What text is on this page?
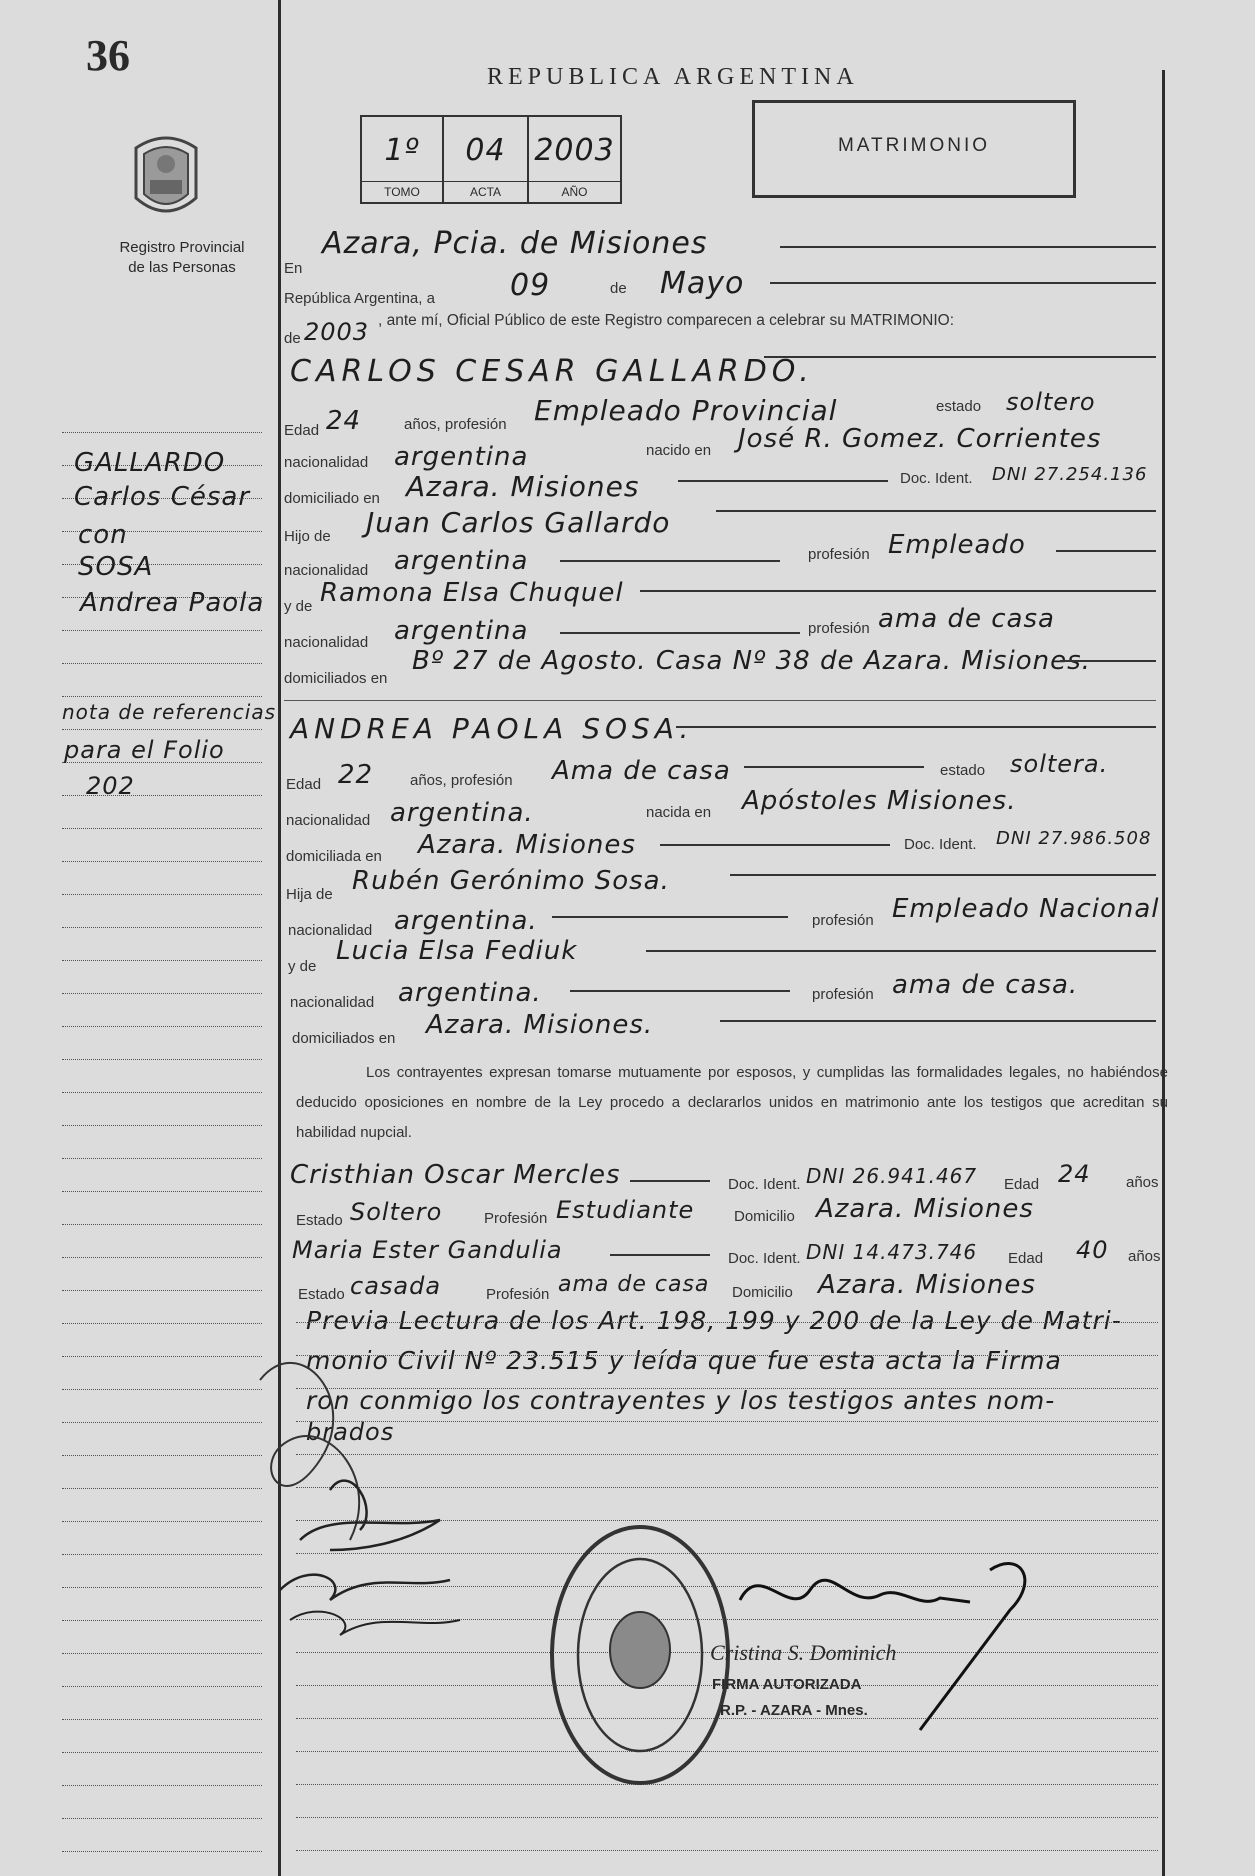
36	REPUBLICA ARGENTINA
Registro Provincial
de las Personas
1º
TOMO
04
ACTA
2003
AÑO
MATRIMONIO
GALLARDO
Carlos César
con
SOSA
Andrea Paola
nota de referencias
para el Folio
202
En
Azara, Pcia. de Misiones
República Argentina, a	09	de Mayo
de 2003 , ante mí, Oficial Público de este Registro comparecen a celebrar su MATRIMONIO:
CARLOS CESAR GALLARDO.
Edad 24	años, profesión Empleado Provincial	estado soltero
nacionalidad argentina	nacido en José R. Gomez. Corrientes
domiciliado en Azara. Misiones	Doc. Ident. DNI 27.254.136
Hijo de Juan Carlos Gallardo
nacionalidad argentina	profesión Empleado
y de Ramona Elsa Chuquel
nacionalidad argentina	profesión ama de casa
domiciliados en
Bº 27 de Agosto. Casa Nº 38 de Azara. Misiones.
ANDREA PAOLA SOSA.
Edad 22 años, profesión Ama de casa	estado soltera.
nacionalidad argentina.	nacida en Apóstoles Misiones.
domiciliada en Azara. Misiones	Doc. Ident. DNI 27.986.508
Hija de Rubén Gerónimo Sosa.
nacionalidad argentina.	profesión Empleado Nacional
y de
Lucia Elsa Fediuk
nacionalidad argentina.	profesión ama de casa.
domiciliados en Azara. Misiones.
Los contrayentes expresan tomarse mutuamente por esposos, y cumplidas las formalidades legales, no habiéndose deducido oposiciones en nombre de la Ley procedo a declararlos unidos en matrimonio ante los testigos que acreditan su habilidad nupcial.
Cristhian Oscar Mercles	Doc. Ident. DNI 26.941.467 Edad 24 años
Estado Soltero	Profesión Estudiante	Domicilio Azara. Misiones
Maria Ester Gandulia	Doc. Ident. DNI 14.473.746 Edad 40 años
Estado casada	Profesión ama de casa Domicilio Azara. Misiones
Previa Lectura de los Art. 198, 199 y 200 de la Ley de Matri-
monio Civil Nº 23.515 y leída que fue esta acta la Firma
ron conmigo los contrayentes y los testigos antes nom-
brados
Cristina S. Dominich
FIRMA AUTORIZADA
R.P. - AZARA - Mnes.
